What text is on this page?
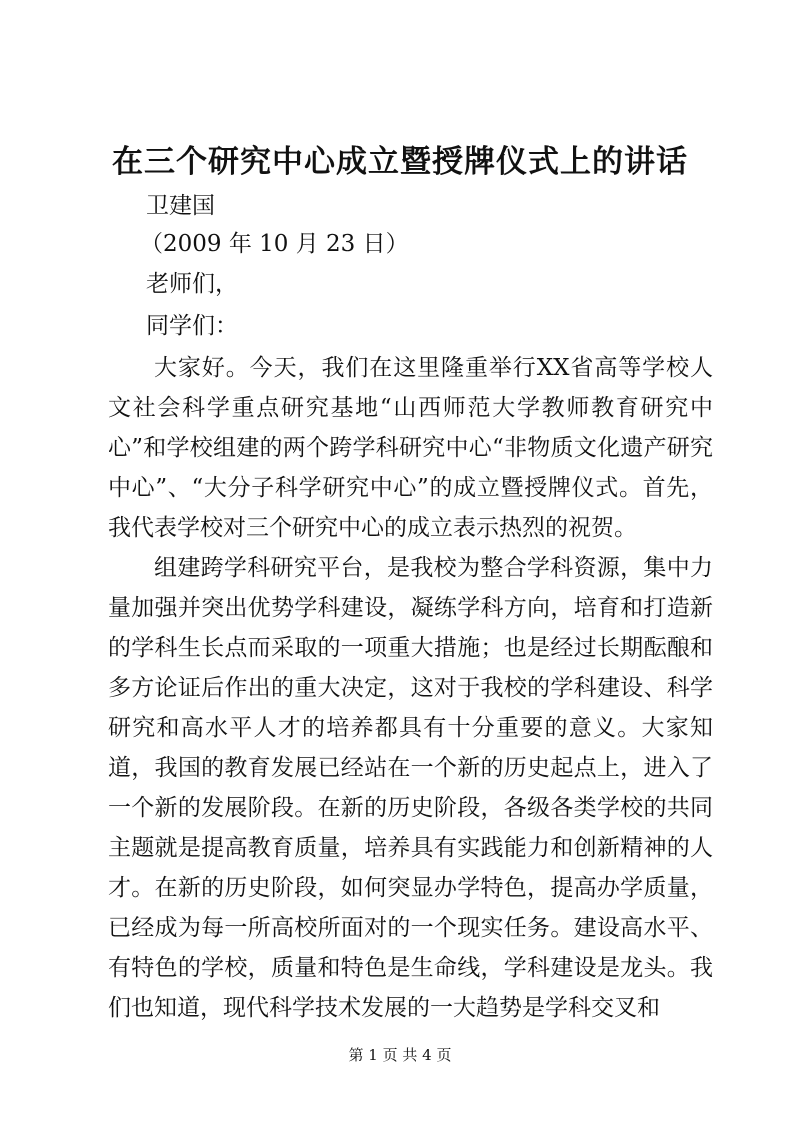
在三个研究中心成立暨授牌仪式上的讲话
卫建国
（2009 年 10 月 23 日）
老师们，
同学们：

大家好。今天，我们在这里隆重举行XX省高等学校人文社会科学重点研究基地“山西师范大学教师教育研究中心”和学校组建的两个跨学科研究中心“非物质文化遗产研究中心”、“大分子科学研究中心”的成立暨授牌仪式。首先，我代表学校对三个研究中心的成立表示热烈的祝贺。

组建跨学科研究平台，是我校为整合学科资源，集中力量加强并突出优势学科建设，凝练学科方向，培育和打造新的学科生长点而采取的一项重大措施；也是经过长期酝酿和多方论证后作出的重大决定，这对于我校的学科建设、科学研究和高水平人才的培养都具有十分重要的意义。大家知道，我国的教育发展已经站在一个新的历史起点上，进入了一个新的发展阶段。在新的历史阶段，各级各类学校的共同主题就是提高教育质量，培养具有实践能力和创新精神的人才。在新的历史阶段，如何突显办学特色，提高办学质量，已经成为每一所高校所面对的一个现实任务。建设高水平、有特色的学校，质量和特色是生命线，学科建设是龙头。我们也知道，现代科学技术发展的一大趋势是学科交叉和

第 1 页 共 4 页
